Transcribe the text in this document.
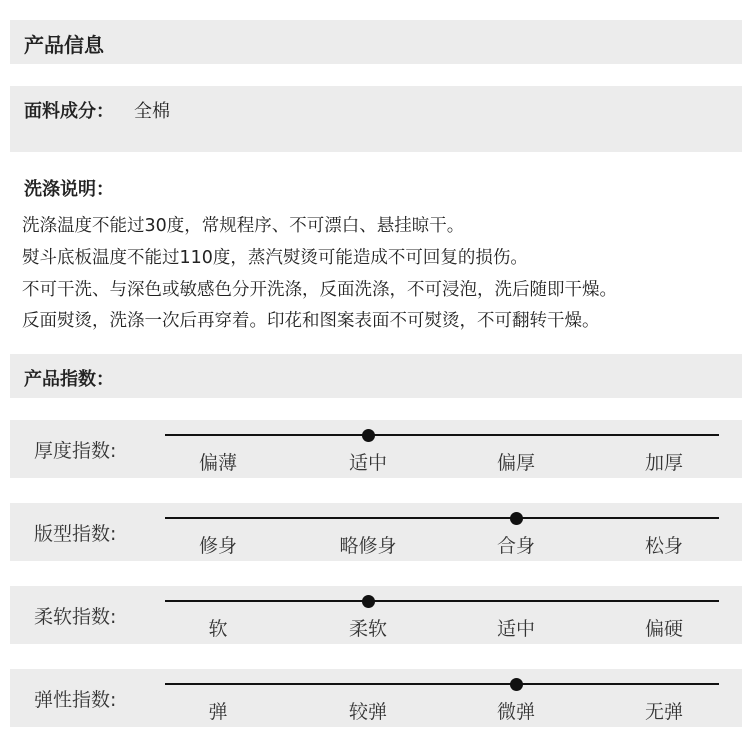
产品信息
面料成分： 全棉
洗涤说明：
洗涤温度不能过30度，常规程序、不可漂白、悬挂晾干。
熨斗底板温度不能过110度，蒸汽熨烫可能造成不可回复的损伤。
不可干洗、与深色或敏感色分开洗涤，反面洗涤，不可浸泡，洗后随即干燥。
反面熨烫，洗涤一次后再穿着。印花和图案表面不可熨烫，不可翻转干燥。
产品指数：
厚度指数:
偏薄	适中	偏厚	加厚
版型指数:
修身	略修身	合身	松身
柔软指数:
软	柔软	适中	偏硬
弹性指数:
弹	较弹	微弹	无弹
